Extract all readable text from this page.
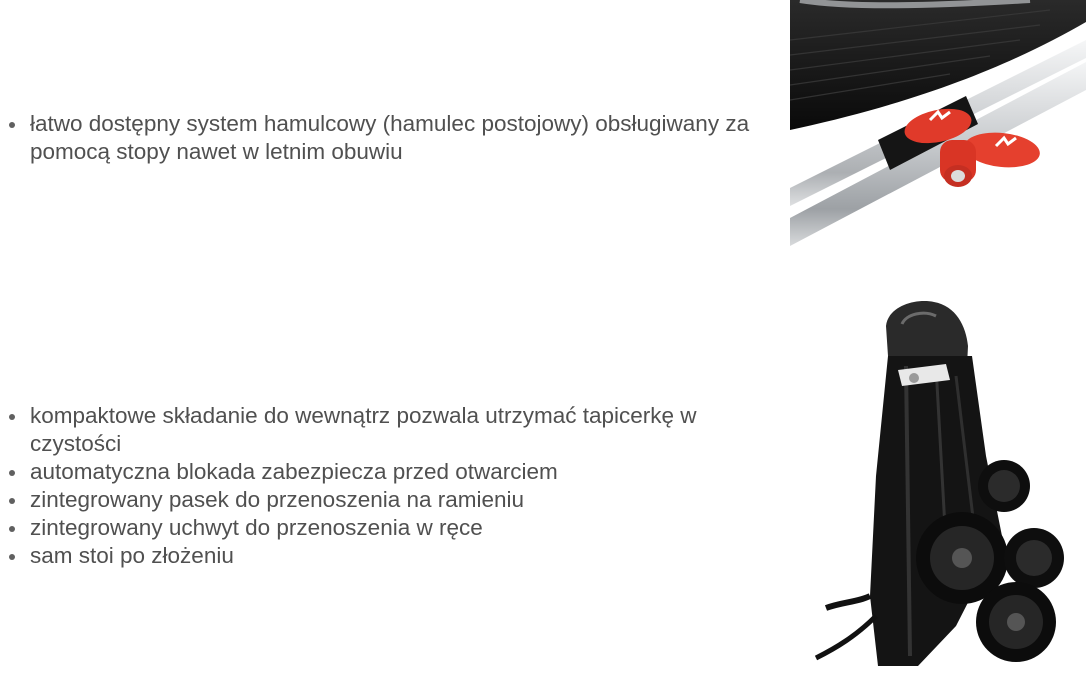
łatwo dostępny system hamulcowy (hamulec postojowy) obsługiwany za pomocą stopy nawet w letnim obuwiu
kompaktowe składanie do wewnątrz pozwala utrzymać tapicerkę w czystości
automatyczna blokada zabezpiecza przed otwarciem
zintegrowany pasek do przenoszenia na ramieniu
zintegrowany uchwyt do przenoszenia w ręce
sam stoi po złożeniu
